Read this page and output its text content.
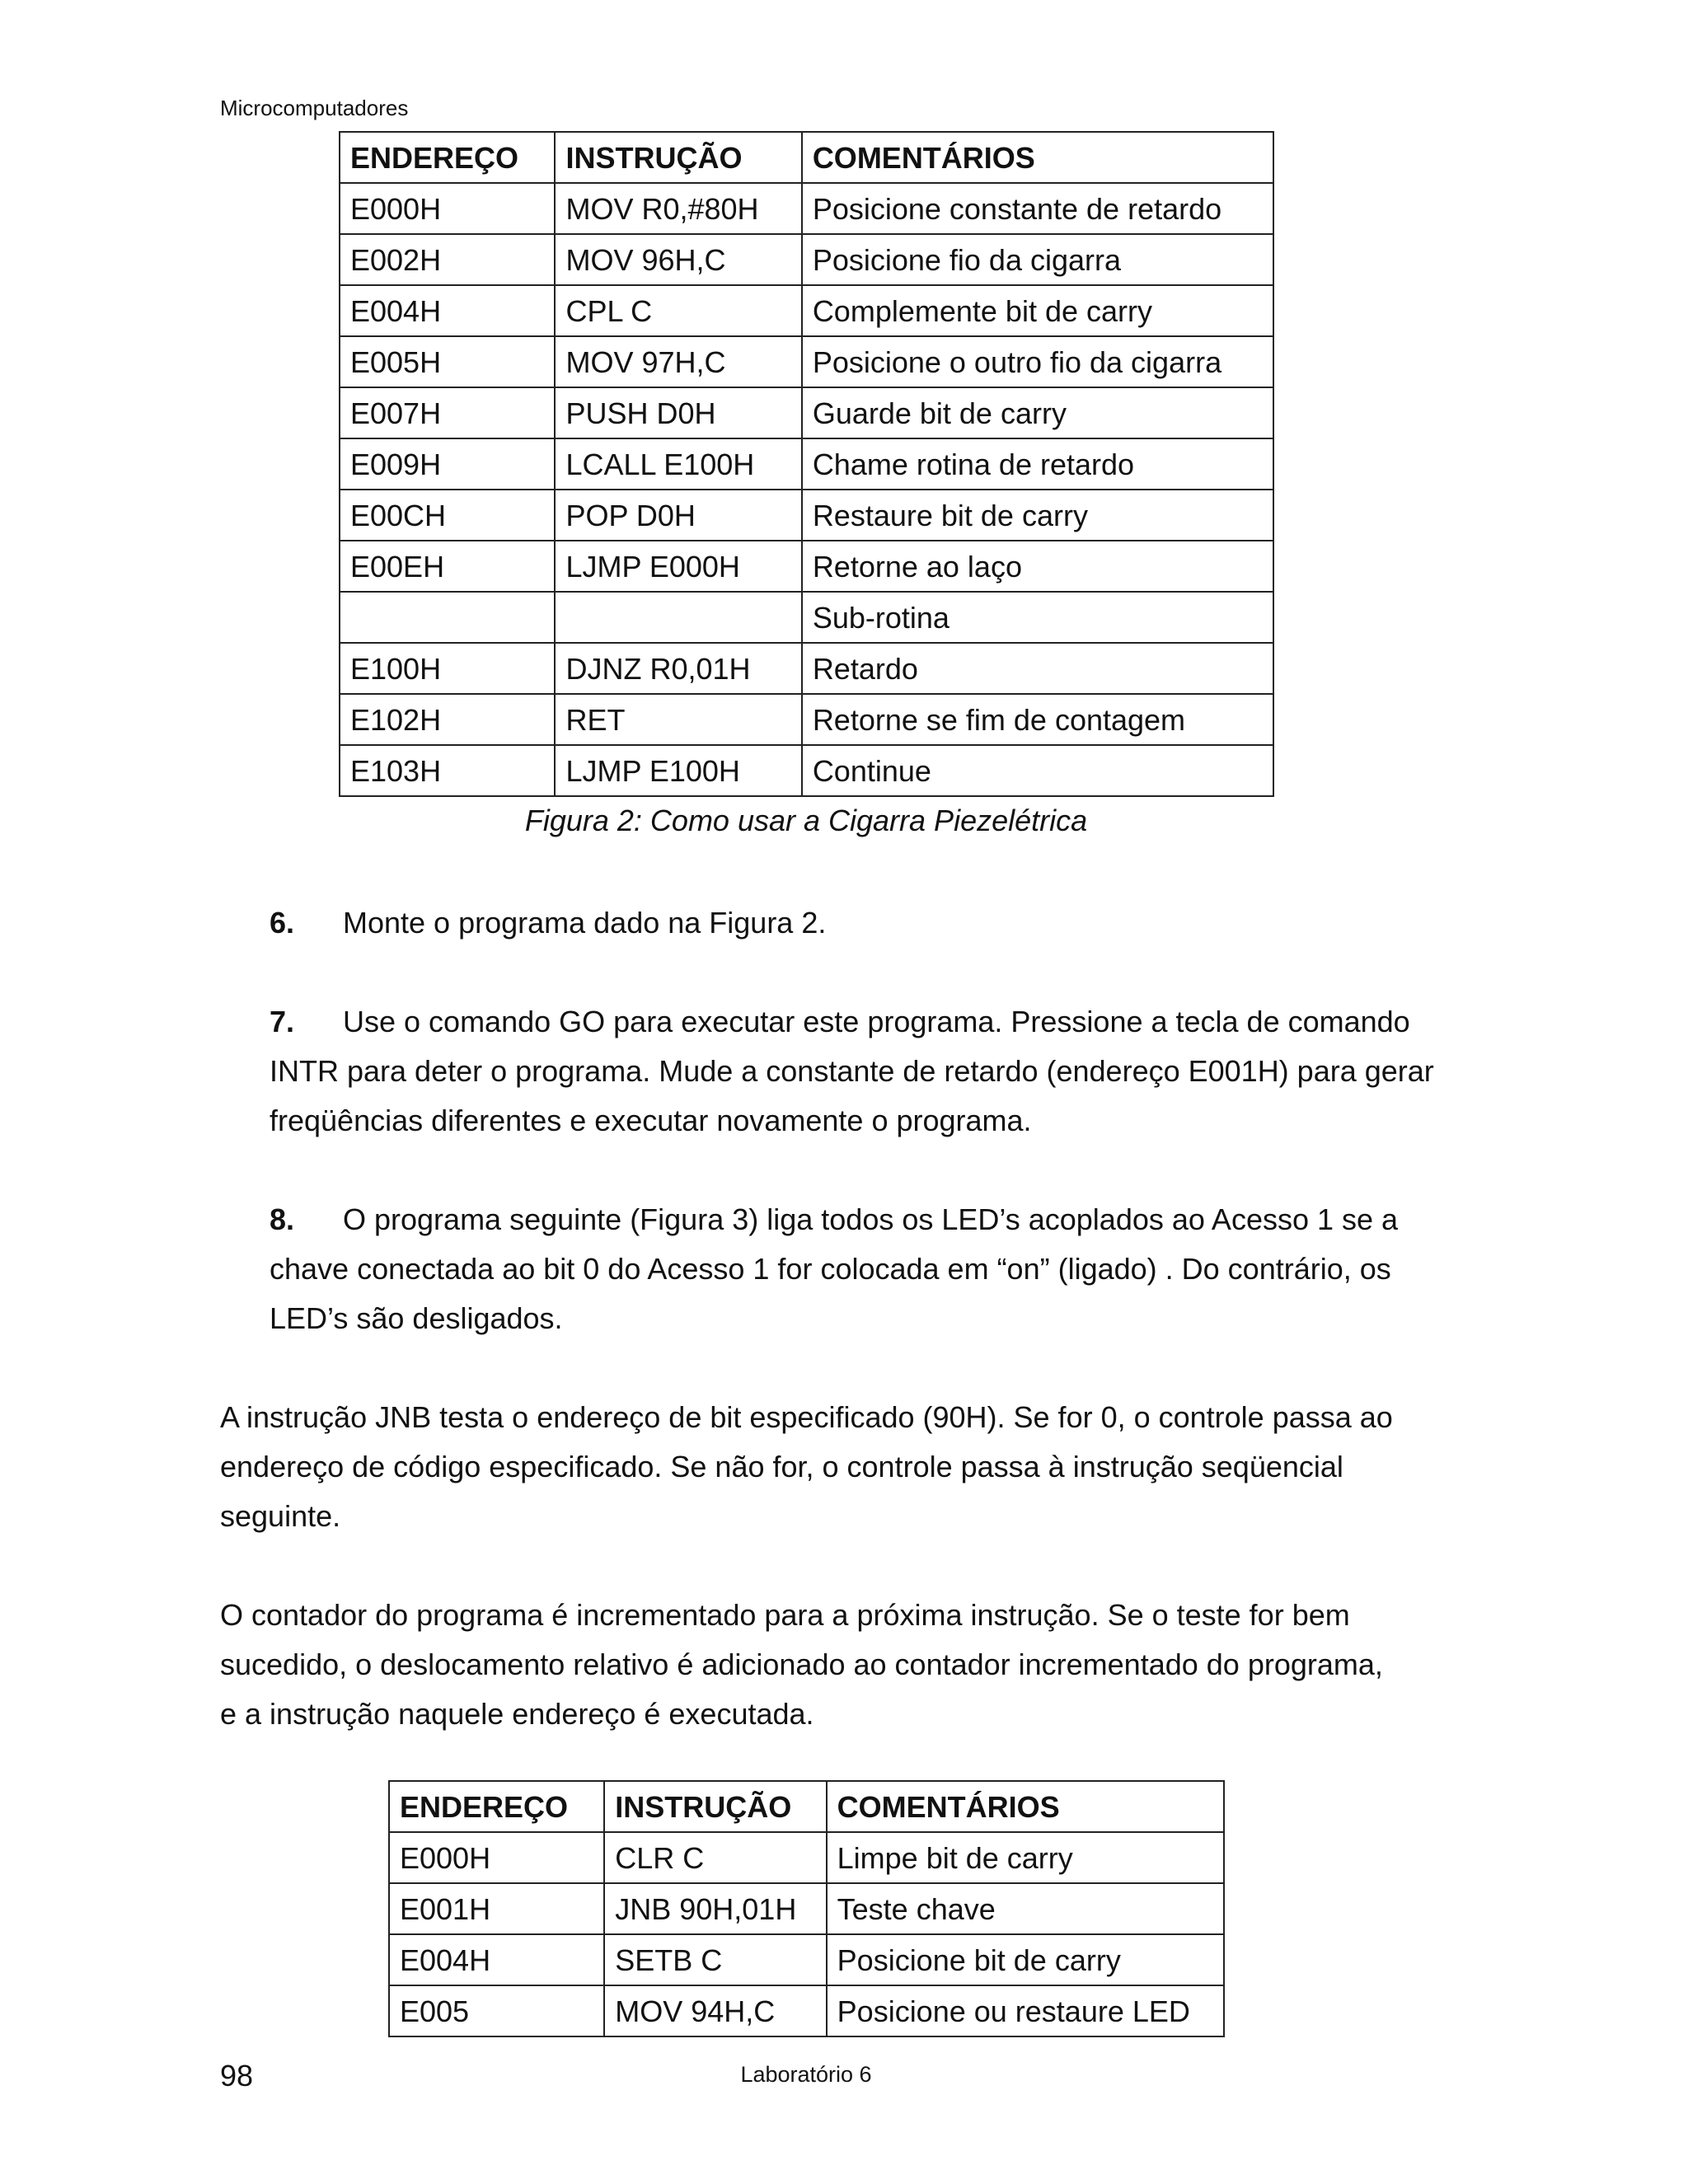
Microcomputadores
ENDEREÇO	INSTRUÇÃO	COMENTÁRIOS
E000H	MOV R0,#80H	Posicione constante de retardo
E002H	MOV 96H,C	Posicione fio da cigarra
E004H	CPL C	Complemente bit de carry
E005H	MOV 97H,C	Posicione o outro fio da cigarra
E007H	PUSH D0H	Guarde bit de carry
E009H	LCALL E100H	Chame rotina de retardo
E00CH	POP D0H	Restaure bit de carry
E00EH	LJMP E000H	Retorne ao laço
		Sub-rotina
E100H	DJNZ R0,01H	Retardo
E102H	RET	Retorne se fim de contagem
E103H	LJMP E100H	Continue
Figura 2: Como usar a Cigarra Piezelétrica
6. Monte o programa dado na Figura 2.
7. Use o comando GO para executar este programa. Pressione a tecla de comando INTR para deter o programa. Mude a constante de retardo (endereço E001H) para gerar freqüências diferentes e executar novamente o programa.
8. O programa seguinte (Figura 3) liga todos os LED’s acoplados ao Acesso 1 se a chave conectada ao bit 0 do Acesso 1 for colocada em “on” (ligado) . Do contrário, os LED’s são desligados.
A instrução JNB testa o endereço de bit especificado (90H). Se for 0, o controle passa ao endereço de código especificado. Se não for, o controle passa à instrução seqüencial seguinte.
O contador do programa é incrementado para a próxima instrução. Se o teste for bem sucedido, o deslocamento relativo é adicionado ao contador incrementado do programa, e a instrução naquele endereço é executada.
ENDEREÇO	INSTRUÇÃO	COMENTÁRIOS
E000H	CLR C	Limpe bit de carry
E001H	JNB 90H,01H	Teste chave
E004H	SETB C	Posicione bit de carry
E005	MOV 94H,C	Posicione ou restaure LED
98	Laboratório 6
